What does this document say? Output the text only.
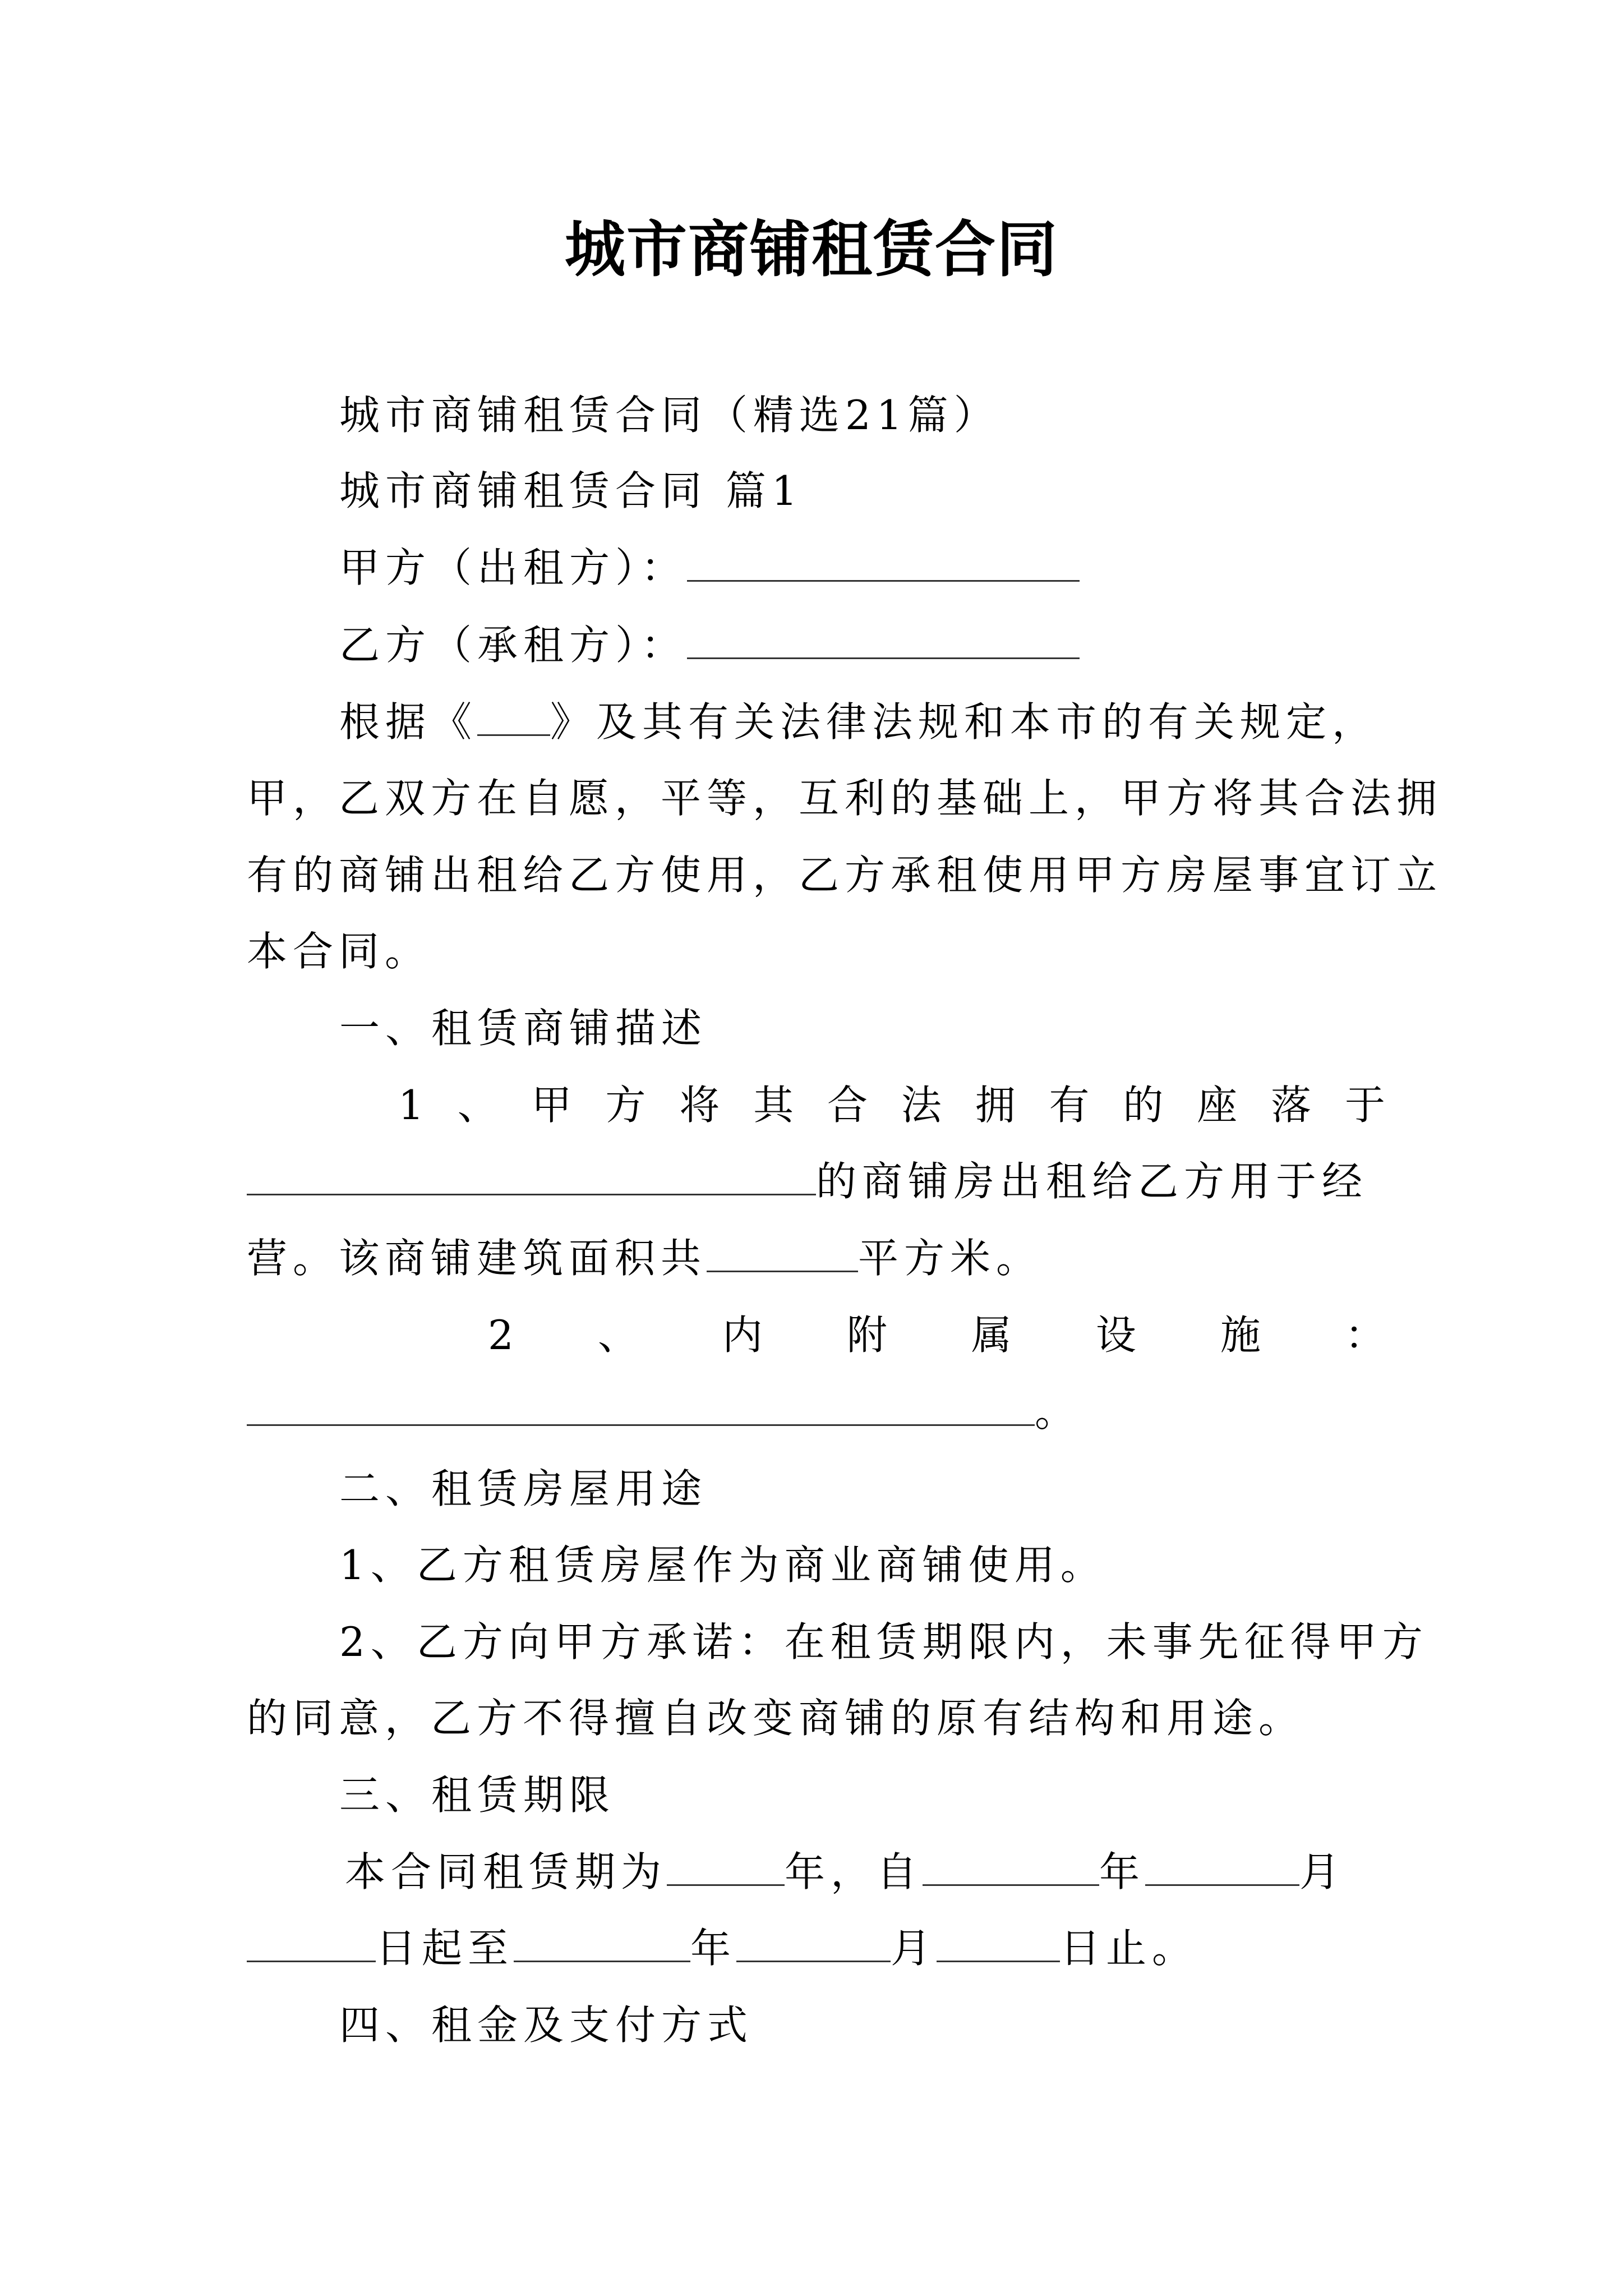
城市商铺租赁合同
城市商铺租赁合同（精选21篇）
城市商铺租赁合同 篇1
甲方（出租方）：
乙方（承租方）：
根据《 》及其有关法律法规和本市的有关规定，
甲，乙双方在自愿，平等，互利的基础上，甲方将其合法拥
有的商铺出租给乙方使用，乙方承租使用甲方房屋事宜订立
本合同。
一、租赁商铺描述
1 、 甲 方 将 其 合 法 拥 有 的 座 落 于
的商铺房出租给乙方用于经
营。该商铺建筑面积共	平方米。
2 、 内 附 属 设 施 ：
。
二、租赁房屋用途
1、乙方租赁房屋作为商业商铺使用。
2、乙方向甲方承诺：在租赁期限内，未事先征得甲方
的同意，乙方不得擅自改变商铺的原有结构和用途。
三、租赁期限
本合同租赁期为	年，自	年	月
日起至	年	月	日止。
四、租金及支付方式
